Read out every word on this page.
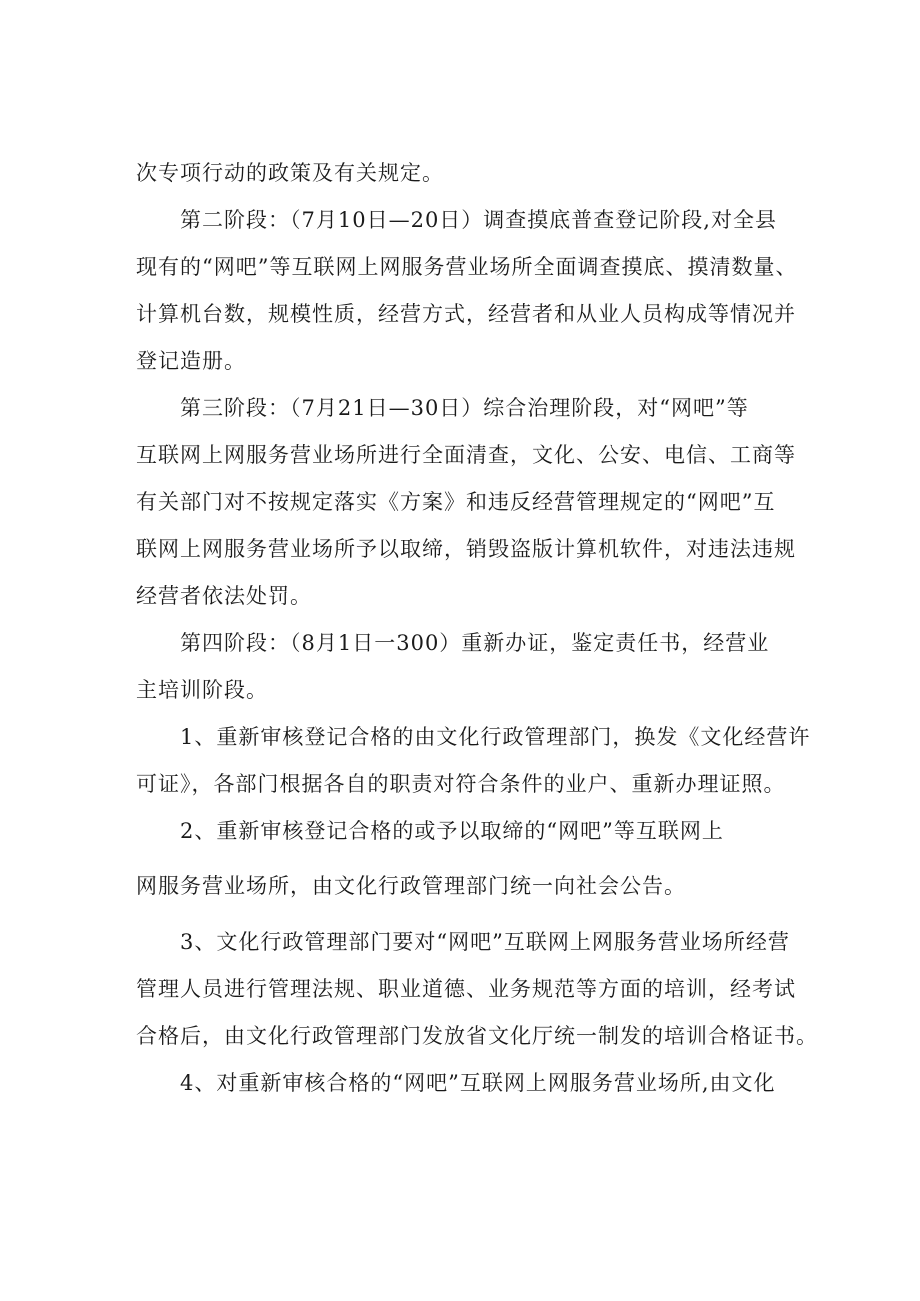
次专项行动的政策及有关规定。
第二阶段：（7月10日—20日）调查摸底普查登记阶段,对全县
现有的“网吧”等互联网上网服务营业场所全面调查摸底、摸清数量、
计算机台数，规模性质，经营方式，经营者和从业人员构成等情况并
登记造册。
第三阶段：（7月21日—30日）综合治理阶段，对“网吧”等
互联网上网服务营业场所进行全面清查，文化、公安、电信、工商等
有关部门对不按规定落实《方案》和违反经营管理规定的“网吧”互
联网上网服务营业场所予以取缔，销毁盗版计算机软件，对违法违规
经营者依法处罚。
第四阶段：（8月1日一300）重新办证，鉴定责任书，经营业
主培训阶段。
1、重新审核登记合格的由文化行政管理部门，换发《文化经营许
可证》，各部门根据各自的职责对符合条件的业户、重新办理证照。
2、重新审核登记合格的或予以取缔的“网吧”等互联网上
网服务营业场所，由文化行政管理部门统一向社会公告。
3、文化行政管理部门要对“网吧”互联网上网服务营业场所经营
管理人员进行管理法规、职业道德、业务规范等方面的培训，经考试
合格后，由文化行政管理部门发放省文化厅统一制发的培训合格证书。
4、对重新审核合格的“网吧”互联网上网服务营业场所,由文化
